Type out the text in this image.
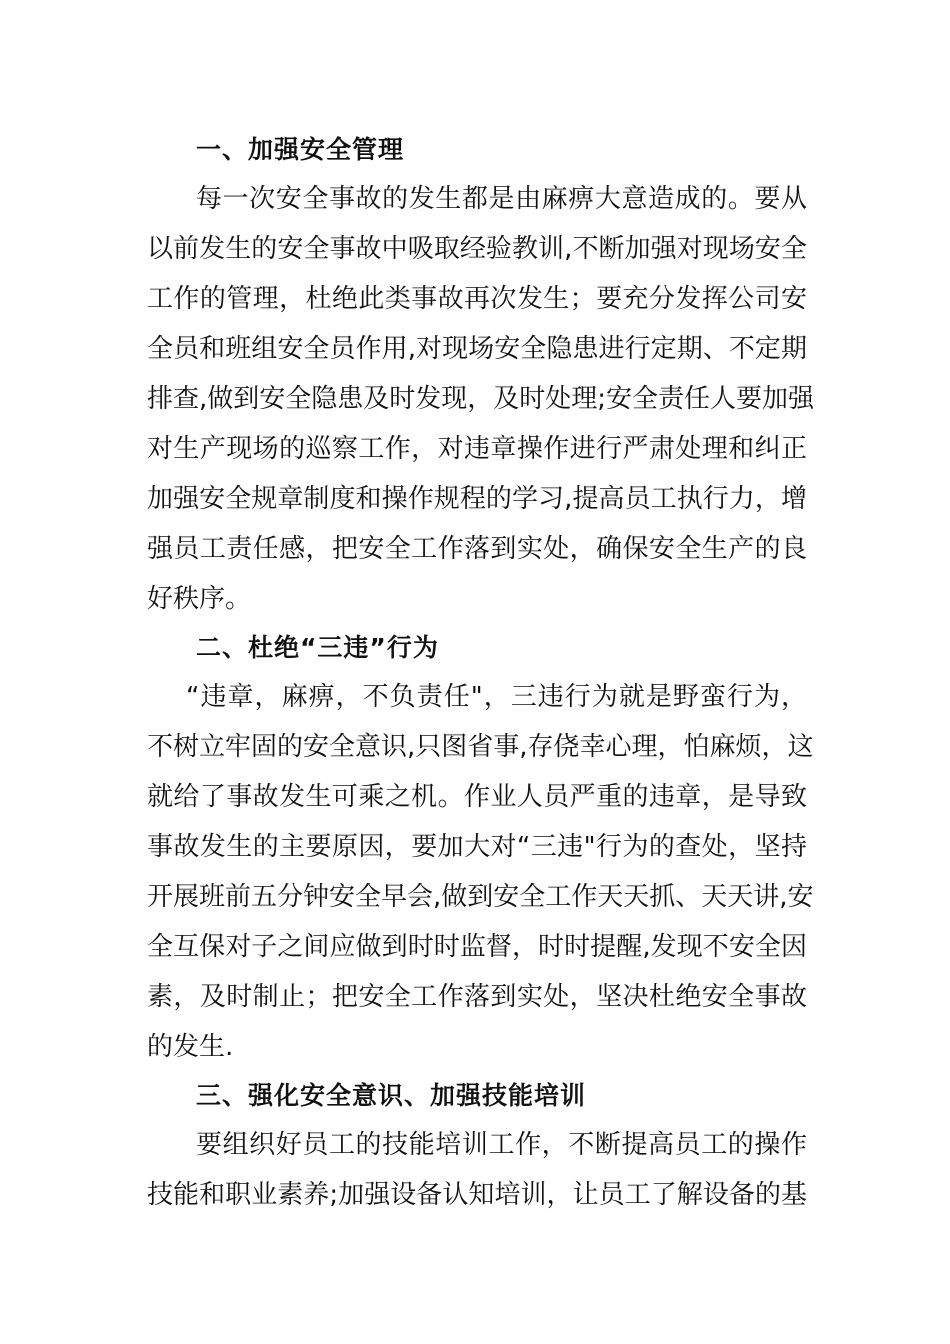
一、加强安全管理
每一次安全事故的发生都是由麻痹大意造成的。要从
以前发生的安全事故中吸取经验教训,不断加强对现场安全
工作的管理，杜绝此类事故再次发生；要充分发挥公司安
全员和班组安全员作用,对现场安全隐患进行定期、不定期
排查,做到安全隐患及时发现，及时处理;安全责任人要加强
对生产现场的巡察工作，对违章操作进行严肃处理和纠正
加强安全规章制度和操作规程的学习,提高员工执行力，增
强员工责任感，把安全工作落到实处，确保安全生产的良
好秩序。
二、杜绝“三违”行为
“违章，麻痹，不负责任"，三违行为就是野蛮行为，
不树立牢固的安全意识,只图省事,存侥幸心理，怕麻烦，这
就给了事故发生可乘之机。作业人员严重的违章，是导致
事故发生的主要原因，要加大对“三违"行为的查处，坚持
开展班前五分钟安全早会,做到安全工作天天抓、天天讲,安
全互保对子之间应做到时时监督，时时提醒,发现不安全因
素，及时制止；把安全工作落到实处，坚决杜绝安全事故
的发生.
三、强化安全意识、加强技能培训
要组织好员工的技能培训工作，不断提高员工的操作
技能和职业素养;加强设备认知培训，让员工了解设备的基
